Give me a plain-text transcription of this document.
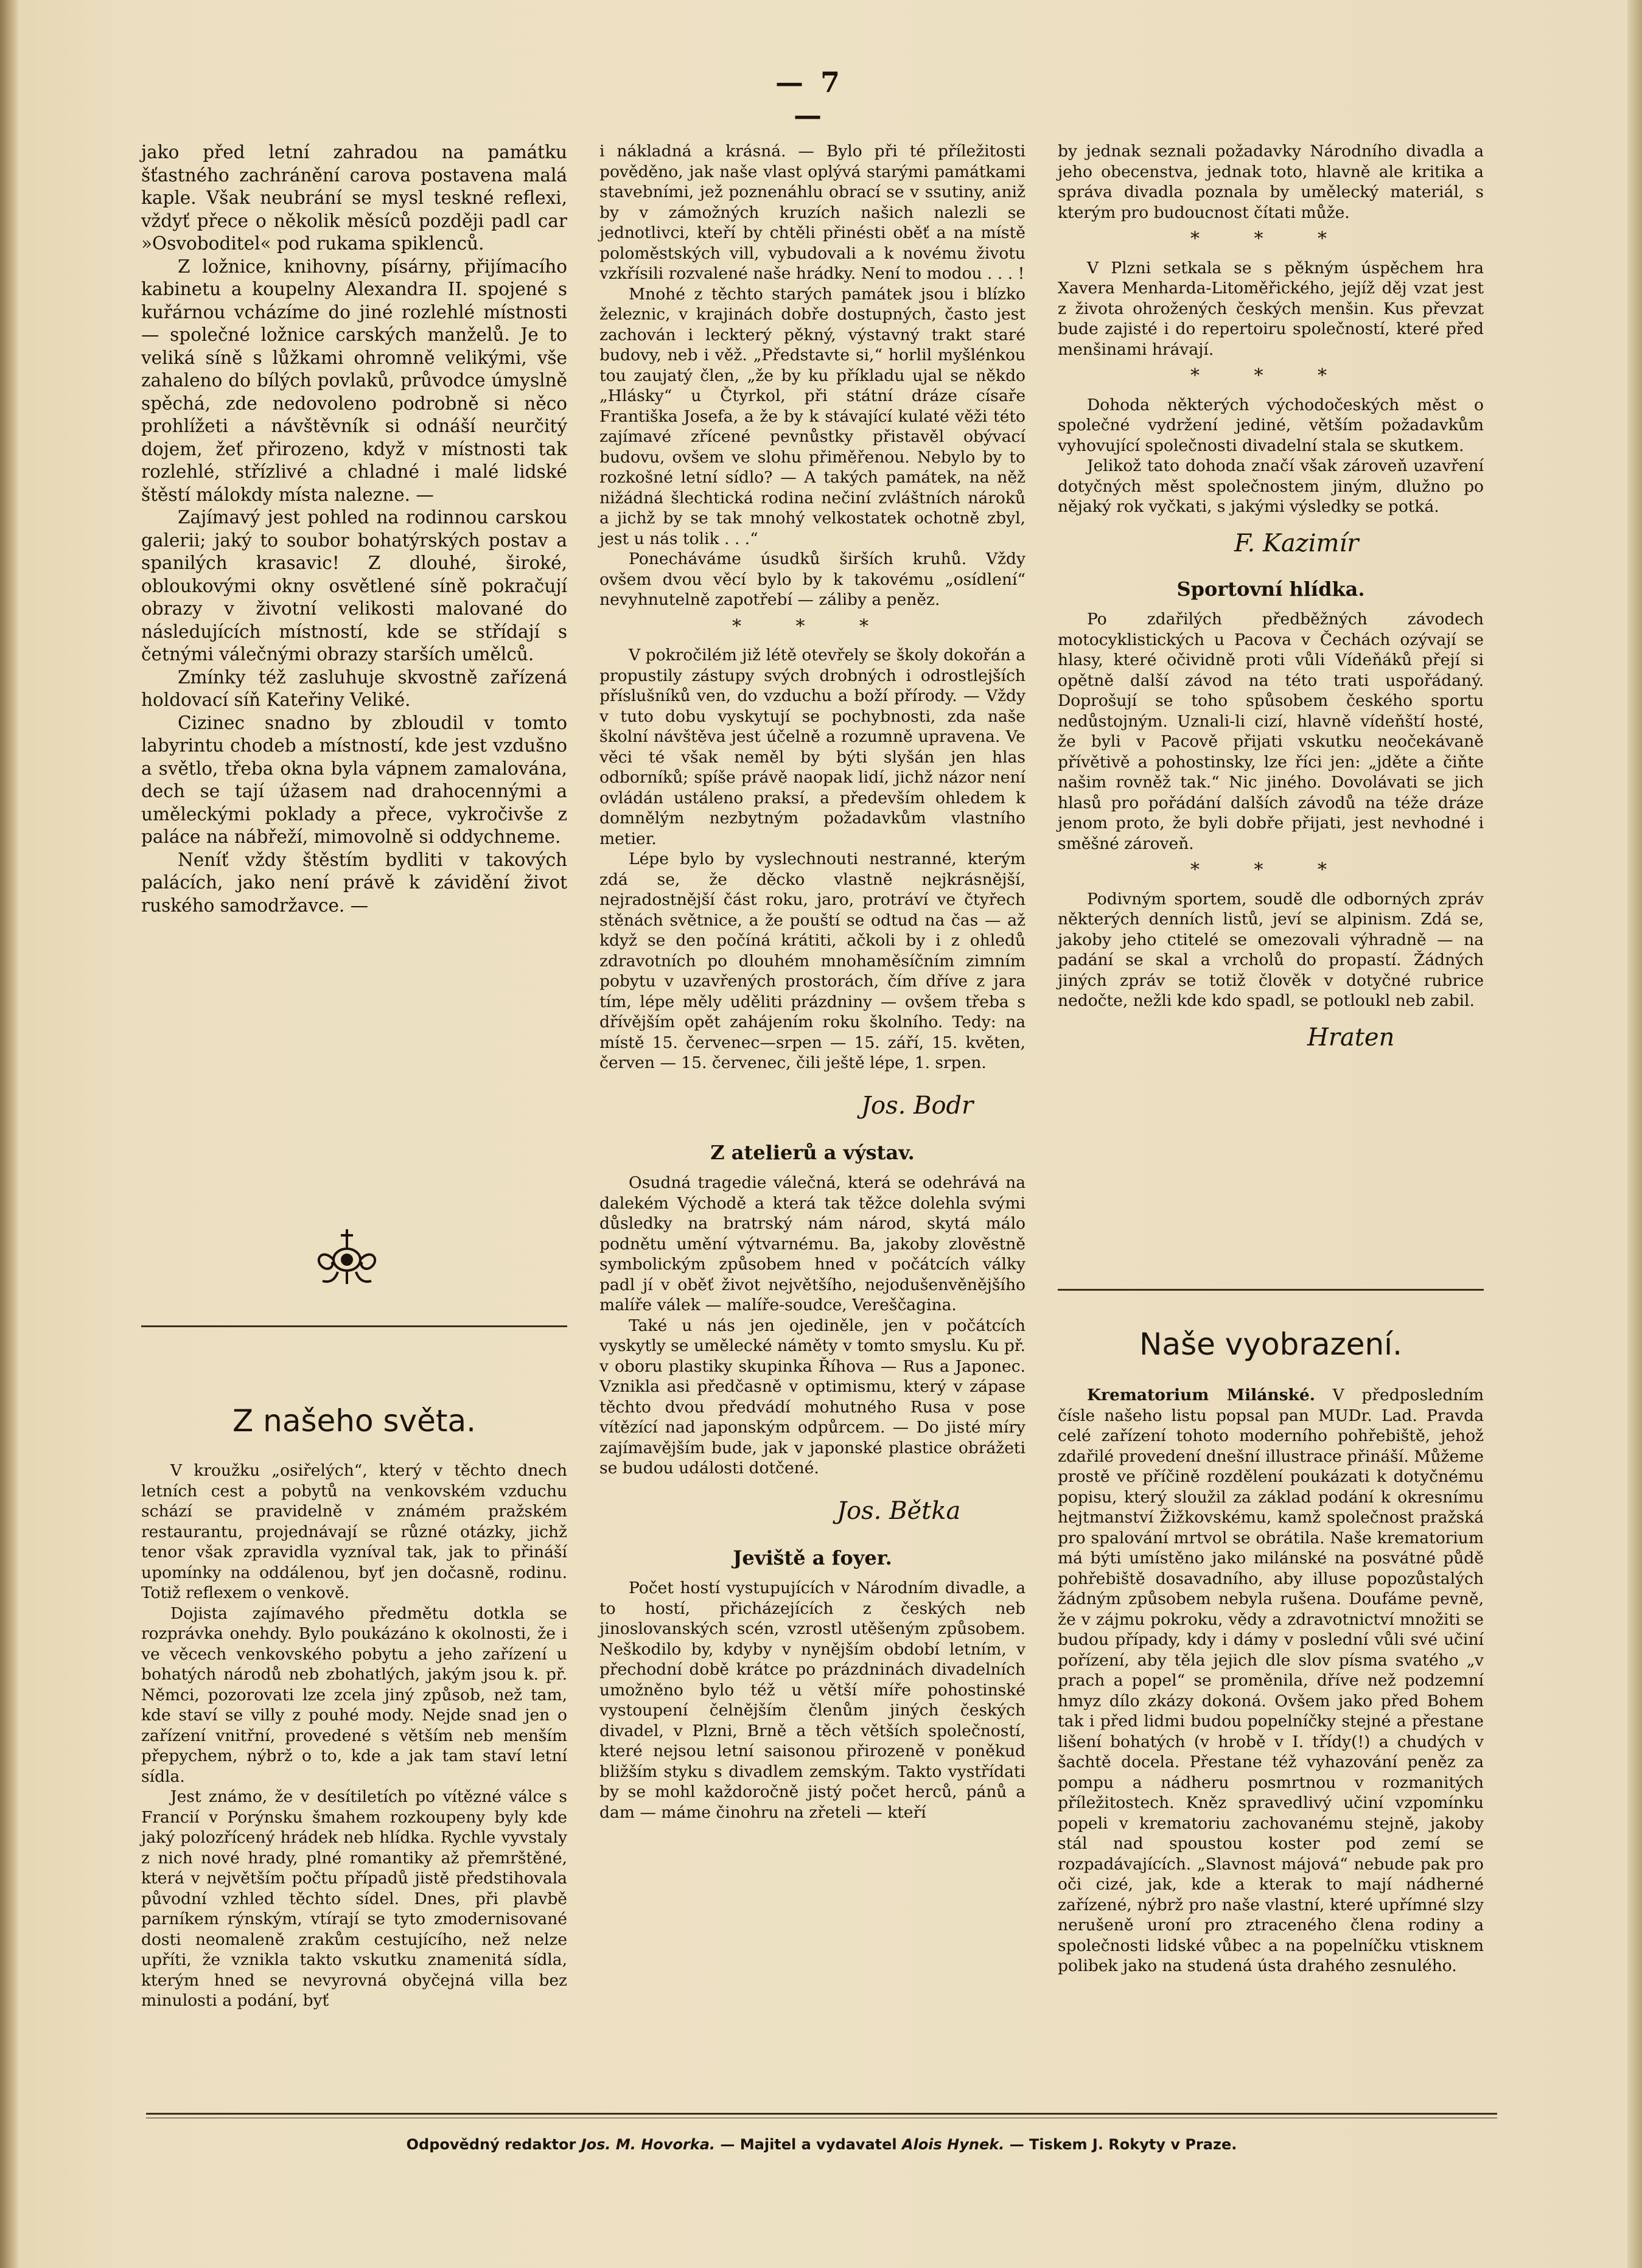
— 7 —

jako před letní zahradou na památku šťastného zachránění carova postavena malá kaple. Však neubrání se mysl teskné reflexi, vždyť přece o několik měsíců později padl car »Osvoboditel« pod rukama spiklenců.

Z ložnice, knihovny, písárny, přijímacího kabinetu a koupelny Alexandra II. spojené s kuřárnou vcházíme do jiné rozlehlé místnosti — společné ložnice carských manželů. Je to veliká síně s lůžkami ohromně velikými, vše zahaleno do bílých povlaků, průvodce úmyslně spěchá, zde nedovoleno podrobně si něco prohlížeti a návštěvník si odnáší neurčitý dojem, žeť přirozeno, když v místnosti tak rozlehlé, střízlivé a chladné i malé lidské štěstí málokdy místa nalezne. —

Zajímavý jest pohled na rodinnou carskou galerii; jaký to soubor bohatýrských postav a spanilých krasavic! Z dlouhé, široké, obloukovými okny osvětlené síně pokračují obrazy v životní velikosti malované do následujících místností, kde se střídají s četnými válečnými obrazy starších umělců.

Zmínky též zasluhuje skvostně zařízená holdovací síň Kateřiny Veliké.

Cizinec snadno by zbloudil v tomto labyrintu chodeb a místností, kde jest vzdušno a světlo, třeba okna byla vápnem zamalována, dech se tají úžasem nad drahocennými a uměleckými poklady a přece, vykročivše z paláce na nábřeží, mimovolně si oddychneme.

Neníť vždy štěstím bydliti v takových palácích, jako není právě k závidění život ruského samodržavce. —

Z našeho světa.

V kroužku „osiřelých“, který v těchto dnech letních cest a pobytů na venkovském vzduchu schází se pravidelně v známém pražském restaurantu, projednávají se různé otázky, jichž tenor však zpravidla vyzníval tak, jak to přináší upomínky na oddálenou, byť jen dočasně, rodinu. Totiž reflexem o venkově.

Dojista zajímavého předmětu dotkla se rozprávka onehdy. Bylo poukázáno k okolnosti, že i ve věcech venkovského pobytu a jeho zařízení u bohatých národů neb zbohatlých, jakým jsou k. př. Němci, pozorovati lze zcela jiný způsob, než tam, kde staví se villy z pouhé mody. Nejde snad jen o zařízení vnitřní, provedené s větším neb menším přepychem, nýbrž o to, kde a jak tam staví letní sídla.

Jest známo, že v desítiletích po vítězné válce s Francií v Porýnsku šmahem rozkoupeny byly kde jaký polozřícený hrádek neb hlídka. Rychle vyvstaly z nich nové hrady, plné romantiky až přemrštěné, která v největším počtu případů jistě předstihovala původní vzhled těchto sídel. Dnes, při plavbě parníkem rýnským, vtírají se tyto zmodernisované dosti neomaleně zrakům cestujícího, než nelze upříti, že vznikla takto vskutku znamenitá sídla, kterým hned se nevyrovná obyčejná villa bez minulosti a podání, byť

i nákladná a krásná. — Bylo při té příležitosti pověděno, jak naše vlast oplývá starými památkami stavebními, jež poznenáhlu obrací se v ssutiny, aniž by v zámožných kruzích našich nalezli se jednotlivci, kteří by chtěli přinésti oběť a na místě poloměstských vill, vybudovali a k novému životu vzkřísili rozvalené naše hrádky. Není to modou . . . !

Mnohé z těchto starých památek jsou i blízko železnic, v krajinách dobře dostupných, často jest zachován i leckterý pěkný, výstavný trakt staré budovy, neb i věž. „Představte si,“ horlil myšlénkou tou zaujatý člen, „že by ku příkladu ujal se někdo „Hlásky“ u Čtyrkol, při státní dráze císaře Františka Josefa, a že by k stávající kulaté věži této zajímavé zřícené pevnůstky přistavěl obývací budovu, ovšem ve slohu přiměřenou. Nebylo by to rozkošné letní sídlo? — A takých památek, na něž nižádná šlechtická rodina nečiní zvláštních nároků a jichž by se tak mnohý velkostatek ochotně zbyl, jest u nás tolik . . .“

Ponecháváme úsudků širších kruhů. Vždy ovšem dvou věcí bylo by k takovému „osídlení“ nevyhnutelně zapotřebí — záliby a peněz.

* * *

V pokročilém již létě otevřely se školy dokořán a propustily zástupy svých drobných i odrostlejších příslušníků ven, do vzduchu a boží přírody. — Vždy v tuto dobu vyskytují se pochybnosti, zda naše školní návštěva jest účelně a rozumně upravena. Ve věci té však neměl by býti slyšán jen hlas odborníků; spíše právě naopak lidí, jichž názor není ovládán ustáleno praksí, a především ohledem k domnělým nezbytným požadavkům vlastního metier.

Lépe bylo by vyslechnouti nestranné, kterým zdá se, že děcko vlastně nejkrásnější, nejradostnější část roku, jaro, protráví ve čtyřech stěnách světnice, a že pouští se odtud na čas — až když se den počíná krátiti, ačkoli by i z ohledů zdravotních po dlouhém mnohaměsíčním zimním pobytu v uzavřených prostorách, čím dříve z jara tím, lépe měly uděliti prázdniny — ovšem třeba s dřívějším opět zahájením roku školního. Tedy: na místě 15. červenec—srpen — 15. září, 15. květen, červen — 15. červenec, čili ještě lépe, 1. srpen.

Jos. Bodr
Z atelierů a výstav.

Osudná tragedie válečná, která se odehrává na dalekém Východě a která tak těžce dolehla svými důsledky na bratrský nám národ, skytá málo podnětu umění výtvarnému. Ba, jakoby zlověstně symbolickým způsobem hned v počátcích války padl jí v oběť život největšího, nejodušenvěnějšího malíře válek — malíře-soudce, Vereščagina.

Také u nás jen ojediněle, jen v počátcích vyskytly se umělecké náměty v tomto smyslu. Ku př. v oboru plastiky skupinka Říhova — Rus a Japonec. Vznikla asi předčasně v optimismu, který v zápase těchto dvou předvádí mohutného Rusa v pose vítězící nad japonským odpůrcem. — Do jisté míry zajímavějším bude, jak v japonské plastice obrážeti se budou události dotčené.

Jos. Bětka
Jeviště a foyer.

Počet hostí vystupujících v Národním divadle, a to hostí, přicházejících z českých neb jinoslovanských scén, vzrostl utěšeným způsobem. Neškodilo by, kdyby v nynějším období letním, v přechodní době krátce po prázdninách divadelních umožněno bylo též u větší míře pohostinské vystoupení čelnějším členům jiných českých divadel, v Plzni, Brně a těch větších společností, které nejsou letní saisonou přirozeně v poněkud bližším styku s divadlem zemským. Takto vystřídati by se mohl každoročně jistý počet herců, pánů a dam — máme činohru na zřeteli — kteří

by jednak seznali požadavky Národního divadla a jeho obecenstva, jednak toto, hlavně ale kritika a správa divadla poznala by umělecký materiál, s kterým pro budoucnost čítati může.

* * *

V Plzni setkala se s pěkným úspěchem hra Xavera Menharda-Litoměřického, jejíž děj vzat jest z života ohrožených českých menšin. Kus převzat bude zajisté i do repertoiru společností, které před menšinami hrávají.

* * *

Dohoda některých východočeských měst o společné vydržení jediné, větším požadavkům vyhovující společnosti divadelní stala se skutkem.

Jelikož tato dohoda značí však zároveň uzavření dotyčných měst společnostem jiným, dlužno po nějaký rok vyčkati, s jakými výsledky se potká.

F. Kazimír
Sportovní hlídka.

Po zdařilých předběžných závodech motocyklistických u Pacova v Čechách ozývají se hlasy, které očividně proti vůli Vídeňáků přejí si opětně další závod na této trati uspořádaný. Doprošují se toho spůsobem českého sportu nedůstojným. Uznali-li cizí, hlavně vídeňští hosté, že byli v Pacově přijati vskutku neočekávaně přívětivě a pohostinsky, lze říci jen: „jděte a čiňte našim rovněž tak.“ Nic jiného. Dovolávati se jich hlasů pro pořádání dalších závodů na téže dráze jenom proto, že byli dobře přijati, jest nevhodné i směšné zároveň.

* * *

Podivným sportem, soudě dle odborných zpráv některých denních listů, jeví se alpinism. Zdá se, jakoby jeho ctitelé se omezovali výhradně — na padání se skal a vrcholů do propastí. Žádných jiných zpráv se totiž člověk v dotyčné rubrice nedočte, nežli kde kdo spadl, se potloukl neb zabil.

Hraten
Naše vyobrazení.

Krematorium Milánské. V předposledním čísle našeho listu popsal pan MUDr. Lad. Pravda celé zařízení tohoto moderního pohřebiště, jehož zdařilé provedení dnešní illustrace přináší. Můžeme prostě ve příčině rozdělení poukázati k dotyčnému popisu, který sloužil za základ podání k okresnímu hejtmanství Žižkovskému, kamž společnost pražská pro spalování mrtvol se obrátila. Naše krematorium má býti umístěno jako milánské na posvátné půdě pohřebiště dosavadního, aby illuse popozůstalých žádným způsobem nebyla rušena. Doufáme pevně, že v zájmu pokroku, vědy a zdravotnictví množiti se budou případy, kdy i dámy v poslední vůli své učiní pořízení, aby těla jejich dle slov písma svatého „v prach a popel“ se proměnila, dříve než podzemní hmyz dílo zkázy dokoná. Ovšem jako před Bohem tak i před lidmi budou popelníčky stejné a přestane lišení bohatých (v hrobě v I. třídy(!) a chudých v šachtě docela. Přestane též vyhazování peněz za pompu a nádheru posmrtnou v rozmanitých příležitostech. Kněz spravedlivý učiní vzpomínku popeli v krematoriu zachovanému stejně, jakoby stál nad spoustou koster pod zemí se rozpadávajících. „Slavnost májová“ nebude pak pro oči cizé, jak, kde a kterak to mají nádherné zařízené, nýbrž pro naše vlastní, které upřímné slzy nerušeně uroní pro ztraceného člena rodiny a společnosti lidské vůbec a na popelníčku vtisknem polibek jako na studená ústa drahého zesnulého.

Odpovědný redaktor Jos. M. Hovorka. — Majitel a vydavatel Alois Hynek. — Tiskem J. Rokyty v Praze.
